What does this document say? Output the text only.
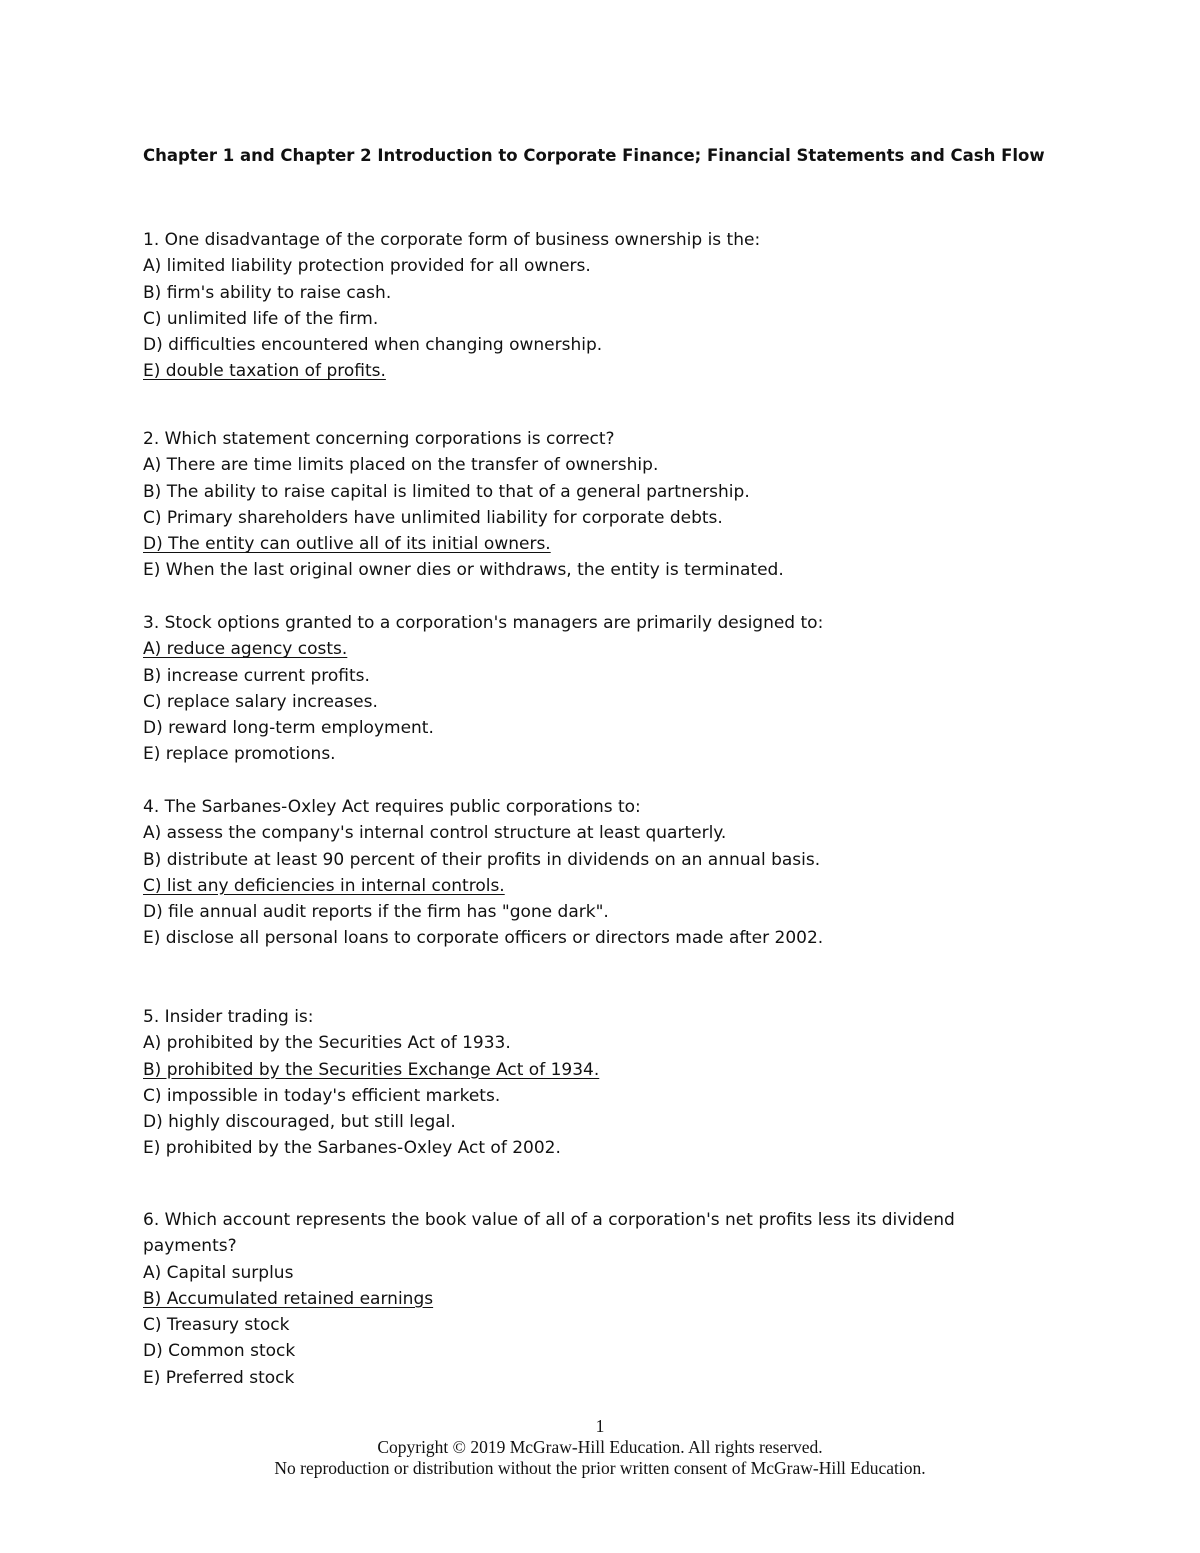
Chapter 1 and Chapter 2 Introduction to Corporate Finance; Financial Statements and Cash Flow
1. One disadvantage of the corporate form of business ownership is the:
A) limited liability protection provided for all owners.
B) firm's ability to raise cash.
C) unlimited life of the firm.
D) difficulties encountered when changing ownership.
E) double taxation of profits.
2. Which statement concerning corporations is correct?
A) There are time limits placed on the transfer of ownership.
B) The ability to raise capital is limited to that of a general partnership.
C) Primary shareholders have unlimited liability for corporate debts.
D) The entity can outlive all of its initial owners.
E) When the last original owner dies or withdraws, the entity is terminated.
3. Stock options granted to a corporation's managers are primarily designed to:
A) reduce agency costs.
B) increase current profits.
C) replace salary increases.
D) reward long-term employment.
E) replace promotions.
4. The Sarbanes-Oxley Act requires public corporations to:
A) assess the company's internal control structure at least quarterly.
B) distribute at least 90 percent of their profits in dividends on an annual basis.
C) list any deficiencies in internal controls.
D) file annual audit reports if the firm has "gone dark".
E) disclose all personal loans to corporate officers or directors made after 2002.
5. Insider trading is:
A) prohibited by the Securities Act of 1933.
B) prohibited by the Securities Exchange Act of 1934.
C) impossible in today's efficient markets.
D) highly discouraged, but still legal.
E) prohibited by the Sarbanes-Oxley Act of 2002.
6. Which account represents the book value of all of a corporation's net profits less its dividend payments?
A) Capital surplus
B) Accumulated retained earnings
C) Treasury stock
D) Common stock
E) Preferred stock
1
Copyright © 2019 McGraw-Hill Education. All rights reserved.
No reproduction or distribution without the prior written consent of McGraw-Hill Education.
